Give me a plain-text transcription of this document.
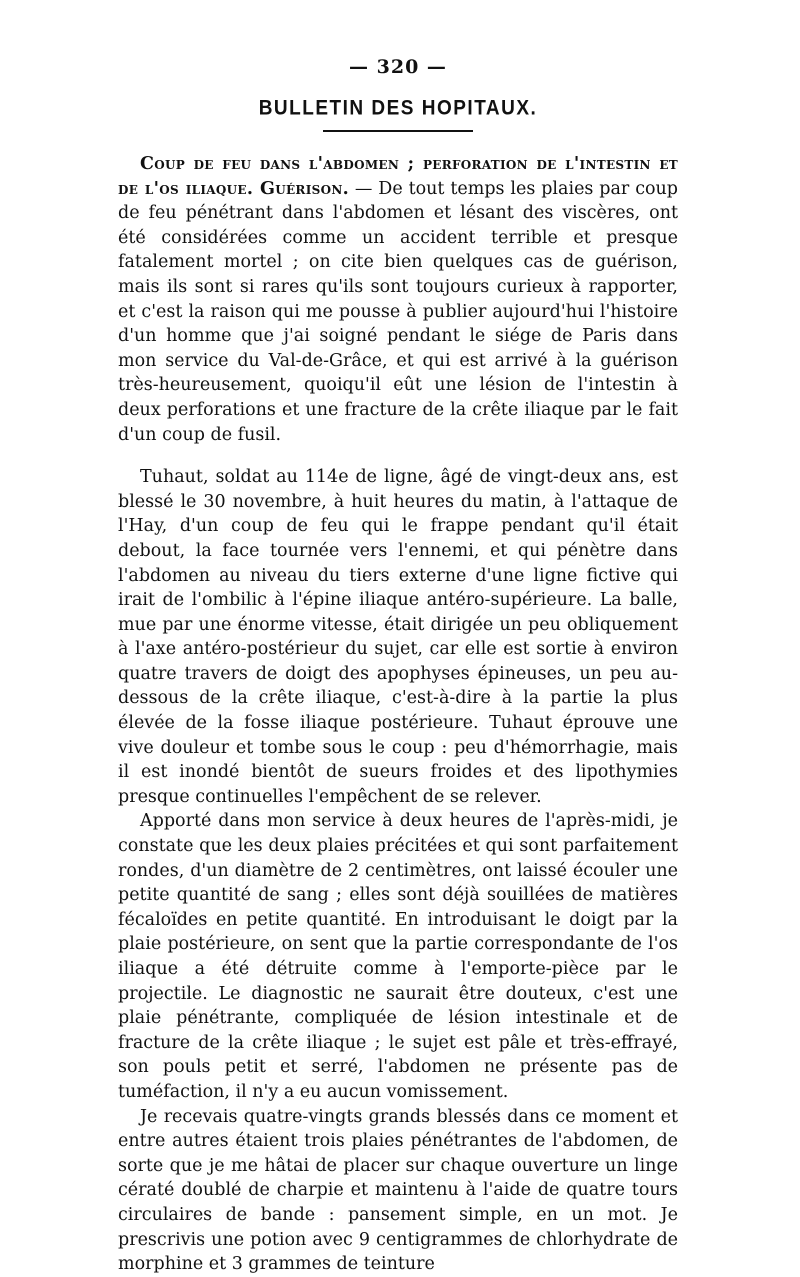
— 320 —
BULLETIN DES HOPITAUX.

Coup de feu dans l'abdomen ; perforation de l'intestin et de l'os iliaque. Guérison. — De tout temps les plaies par coup de feu pénétrant dans l'abdomen et lésant des viscères, ont été considérées comme un accident terrible et presque fatalement mortel ; on cite bien quelques cas de guérison, mais ils sont si rares qu'ils sont toujours curieux à rapporter, et c'est la raison qui me pousse à publier aujourd'hui l'histoire d'un homme que j'ai soigné pendant le siége de Paris dans mon service du Val-de-Grâce, et qui est arrivé à la guérison très-heureusement, quoiqu'il eût une lésion de l'intestin à deux perforations et une fracture de la crête iliaque par le fait d'un coup de fusil.

Tuhaut, soldat au 114e de ligne, âgé de vingt-deux ans, est blessé le 30 novembre, à huit heures du matin, à l'attaque de l'Hay, d'un coup de feu qui le frappe pendant qu'il était debout, la face tournée vers l'ennemi, et qui pénètre dans l'abdomen au niveau du tiers externe d'une ligne fictive qui irait de l'ombilic à l'épine iliaque antéro-supérieure. La balle, mue par une énorme vitesse, était dirigée un peu obliquement à l'axe antéro-postérieur du sujet, car elle est sortie à environ quatre travers de doigt des apophyses épineuses, un peu au-dessous de la crête iliaque, c'est-à-dire à la partie la plus élevée de la fosse iliaque postérieure. Tuhaut éprouve une vive douleur et tombe sous le coup : peu d'hémorrhagie, mais il est inondé bientôt de sueurs froides et des lipothymies presque continuelles l'empêchent de se relever.

Apporté dans mon service à deux heures de l'après-midi, je constate que les deux plaies précitées et qui sont parfaitement rondes, d'un diamètre de 2 centimètres, ont laissé écouler une petite quantité de sang ; elles sont déjà souillées de matières fécaloïdes en petite quantité. En introduisant le doigt par la plaie postérieure, on sent que la partie correspondante de l'os iliaque a été détruite comme à l'emporte-pièce par le projectile. Le diagnostic ne saurait être douteux, c'est une plaie pénétrante, compliquée de lésion intestinale et de fracture de la crête iliaque ; le sujet est pâle et très-effrayé, son pouls petit et serré, l'abdomen ne présente pas de tuméfaction, il n'y a eu aucun vomissement.

Je recevais quatre-vingts grands blessés dans ce moment et entre autres étaient trois plaies pénétrantes de l'abdomen, de sorte que je me hâtai de placer sur chaque ouverture un linge cératé doublé de charpie et maintenu à l'aide de quatre tours circulaires de bande : pansement simple, en un mot. Je prescrivis une potion avec 9 centigrammes de chlorhydrate de morphine et 3 grammes de teinture
